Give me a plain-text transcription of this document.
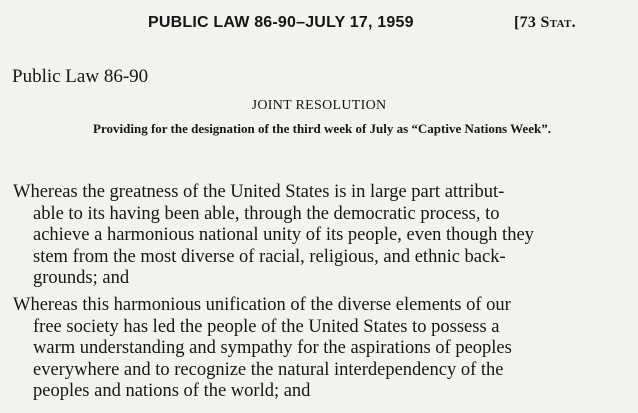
PUBLIC LAW 86-90–JULY 17, 1959	[73 Stat.
Public Law 86-90
JOINT RESOLUTION
Providing for the designation of the third week of July as “Captive Nations Week”.
Whereas the greatness of the United States is in large part attribut-
able to its having been able, through the democratic process, to
achieve a harmonious national unity of its people, even though they
stem from the most diverse of racial, religious, and ethnic back-
grounds; and
Whereas this harmonious unification of the diverse elements of our
free society has led the people of the United States to possess a
warm understanding and sympathy for the aspirations of peoples
everywhere and to recognize the natural interdependency of the
peoples and nations of the world; and
